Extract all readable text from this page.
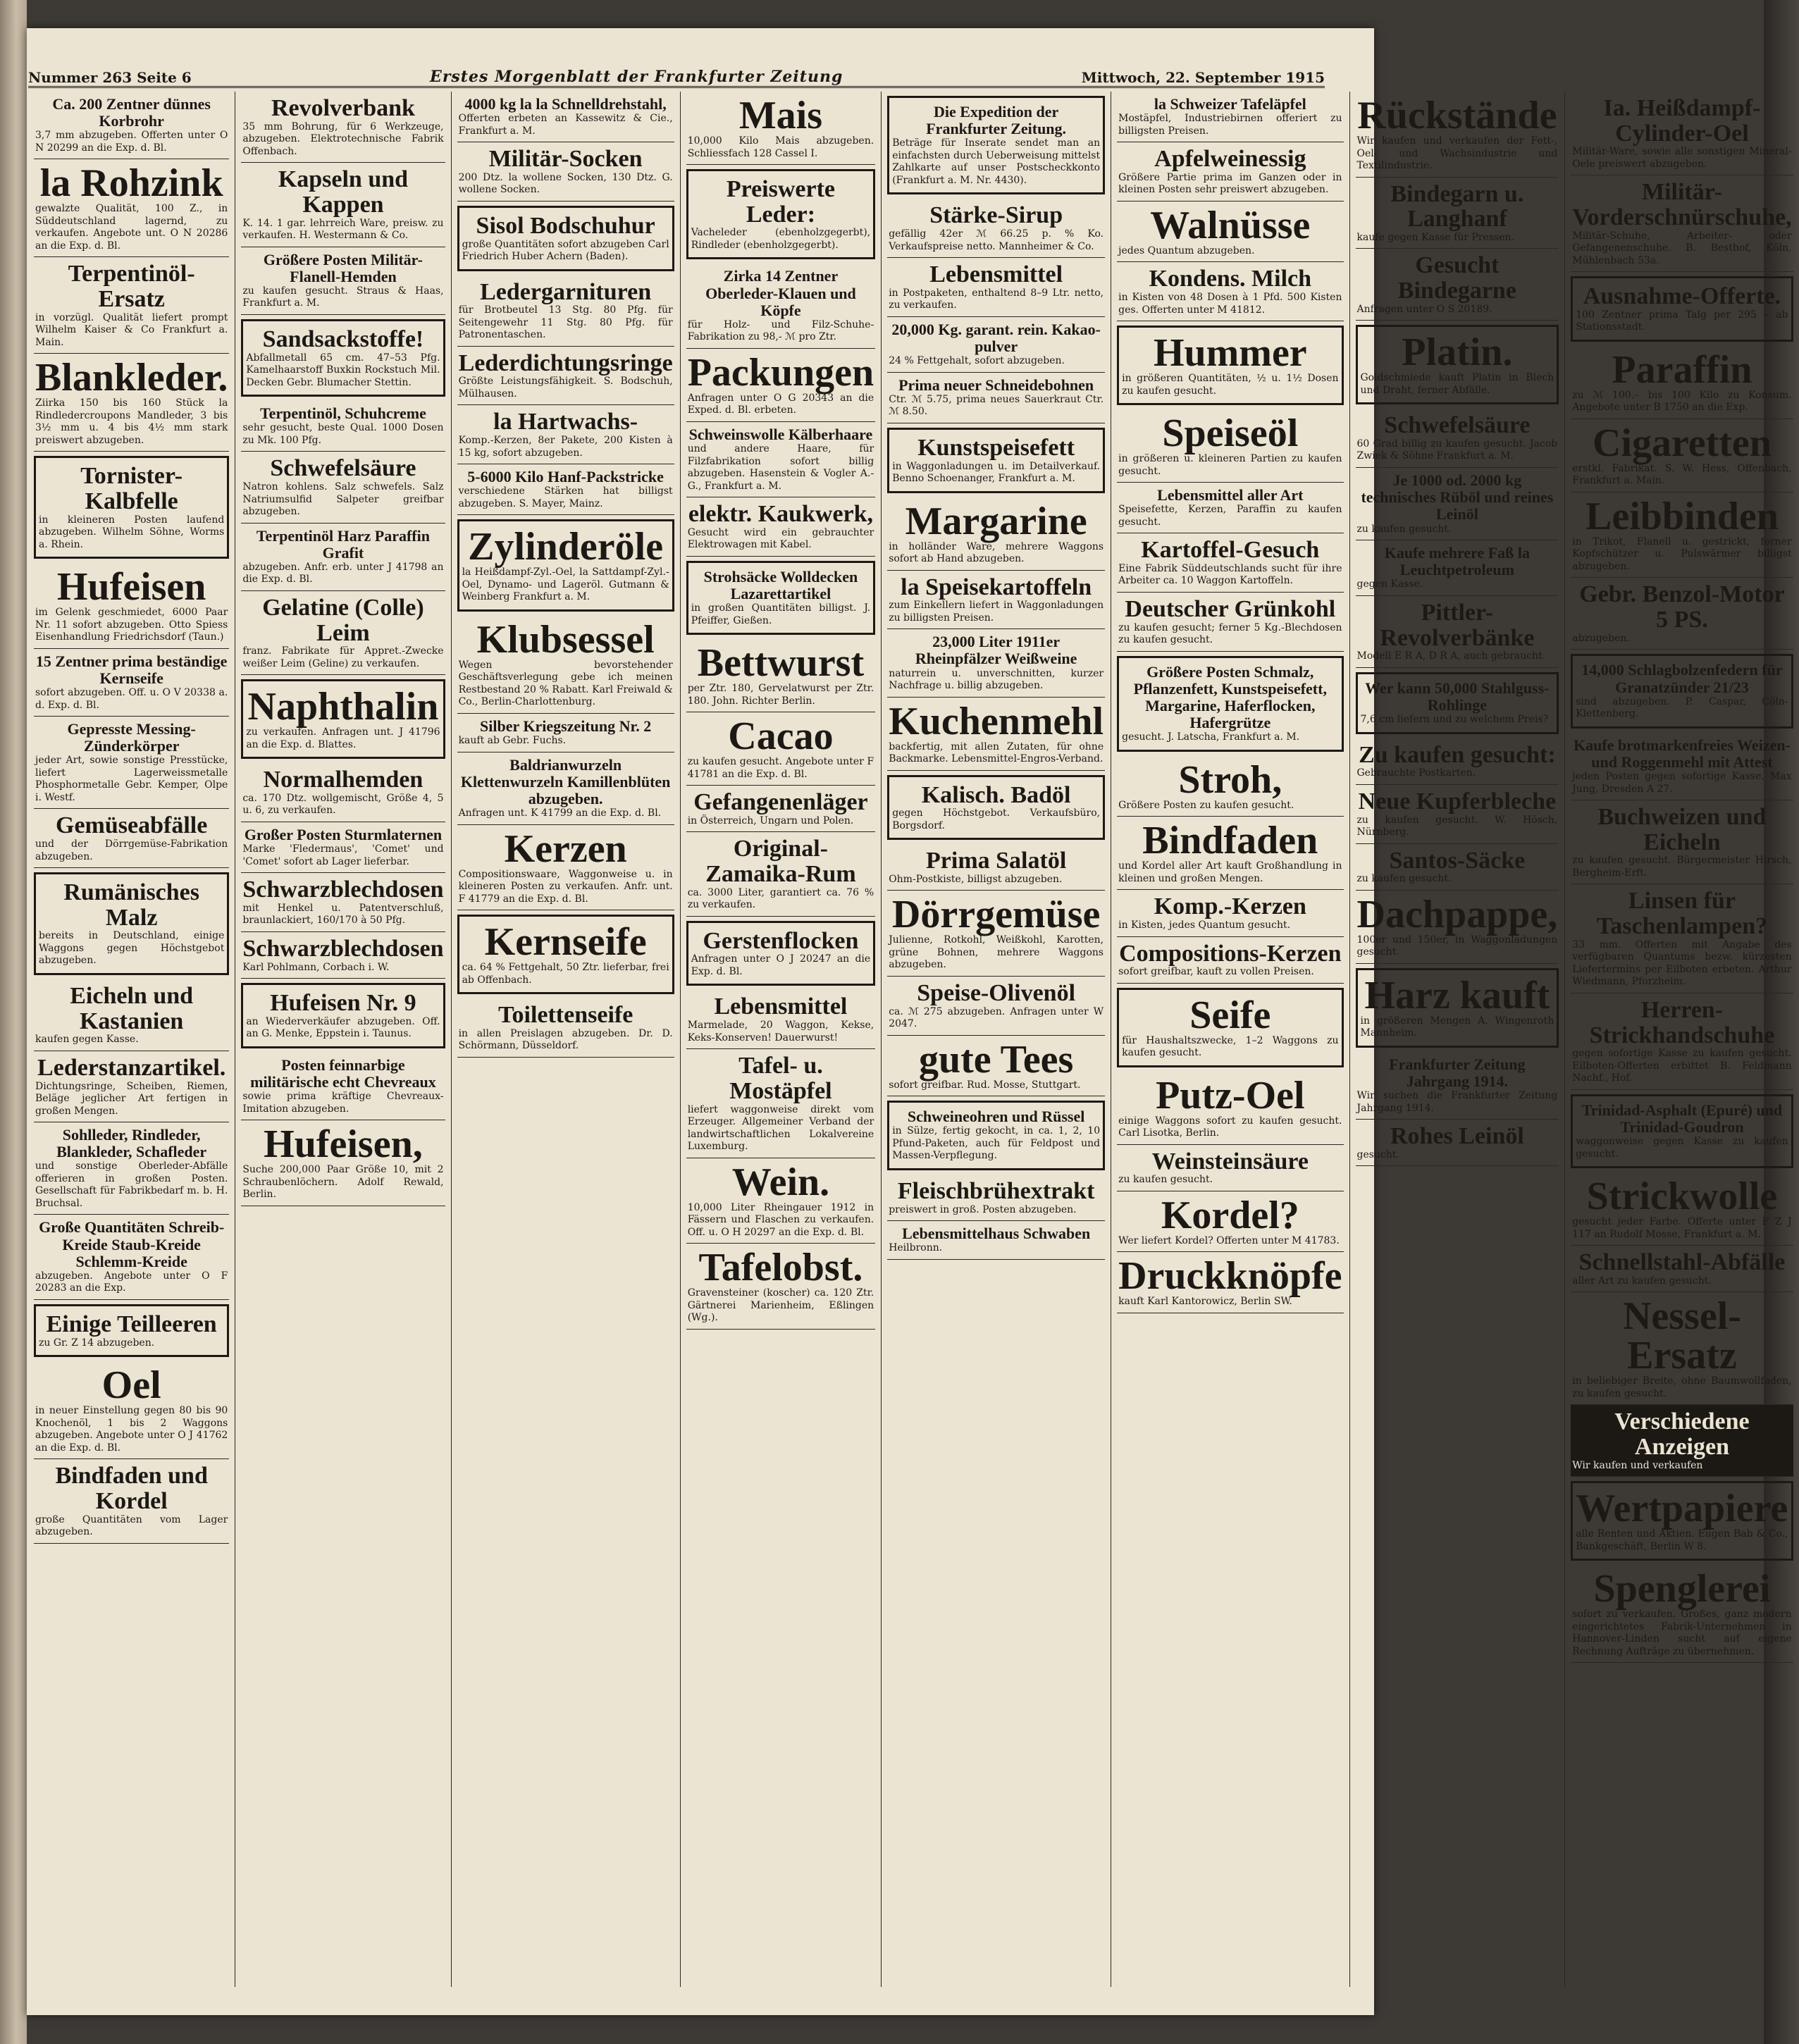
Nummer 263 Seite 6	Erstes Morgenblatt der Frankfurter Zeitung	Mittwoch, 22. September 1915
Ca. 200 Zentner dünnes Korbrohr
3,7 mm abzugeben. Offerten unter O N 20299 an die Exp. d. Bl.
la Rohzink
gewalzte Qualität, 100 Z., in Süddeutschland lagernd, zu verkaufen. Angebote unt. O N 20286 an die Exp. d. Bl.
Terpentinöl-Ersatz
in vorzügl. Qualität liefert prompt Wilhelm Kaiser & Co Frankfurt a. Main.
Blankleder.
Ziirka 150 bis 160 Stück la Rindledercroupons Mandleder, 3 bis 3½ mm u. 4 bis 4½ mm stark preiswert abzugeben.
Tornister-Kalbfelle
in kleineren Posten laufend abzugeben. Wilhelm Söhne, Worms a. Rhein.
Hufeisen
im Gelenk geschmiedet, 6000 Paar Nr. 11 sofort abzugeben. Otto Spiess Eisenhandlung Friedrichsdorf (Taun.)
15 Zentner prima beständige Kernseife
sofort abzugeben. Off. u. O V 20338 a. d. Exp. d. Bl.
Gepresste Messing-Zünderkörper
jeder Art, sowie sonstige Presstücke, liefert Lagerweissmetalle Phosphormetalle Gebr. Kemper, Olpe i. Westf.
Gemüseabfälle
und der Dörrgemüse-Fabrikation abzugeben.
Rumänisches Malz
bereits in Deutschland, einige Waggons gegen Höchstgebot abzugeben.
Eicheln und Kastanien
kaufen gegen Kasse.
Lederstanzartikel.
Dichtungsringe, Scheiben, Riemen, Beläge jeglicher Art fertigen in großen Mengen.
Sohlleder, Rindleder, Blankleder, Schafleder
und sonstige Oberleder-Abfälle offerieren in großen Posten. Gesellschaft für Fabrikbedarf m. b. H. Bruchsal.
Große Quantitäten Schreib-Kreide Staub-Kreide Schlemm-Kreide
abzugeben. Angebote unter O F 20283 an die Exp.
Einige Teilleeren
zu Gr. Z 14 abzugeben.
Oel
in neuer Einstellung gegen 80 bis 90 Knochenöl, 1 bis 2 Waggons abzugeben. Angebote unter O J 41762 an die Exp. d. Bl.
Bindfaden und Kordel
große Quantitäten vom Lager abzugeben.
Revolverbank
35 mm Bohrung, für 6 Werkzeuge, abzugeben. Elektrotechnische Fabrik Offenbach.
Kapseln und Kappen
K. 14. 1 gar. lehrreich Ware, preisw. zu verkaufen. H. Westermann & Co.
Größere Posten Militär-Flanell-Hemden
zu kaufen gesucht. Straus & Haas, Frankfurt a. M.
Sandsackstoffe!
Abfallmetall 65 cm. 47–53 Pfg. Kamelhaarstoff Buxkin Rockstuch Mil. Decken Gebr. Blumacher Stettin.
Terpentinöl, Schuhcreme
sehr gesucht, beste Qual. 1000 Dosen zu Mk. 100 Pfg.
Schwefelsäure
Natron kohlens. Salz schwefels. Salz Natriumsulfid Salpeter greifbar abzugeben.
Terpentinöl Harz Paraffin Grafit
abzugeben. Anfr. erb. unter J 41798 an die Exp. d. Bl.
Gelatine (Colle) Leim
franz. Fabrikate für Appret.-Zwecke weißer Leim (Geline) zu verkaufen.
Naphthalin
zu verkaufen. Anfragen unt. J 41796 an die Exp. d. Blattes.
Normalhemden
ca. 170 Dtz. wollgemischt, Größe 4, 5 u. 6, zu verkaufen.
Großer Posten Sturmlaternen
Marke 'Fledermaus', 'Comet' und 'Comet' sofort ab Lager lieferbar.
Schwarzblechdosen
mit Henkel u. Patentverschluß, braunlackiert, 160/170 à 50 Pfg.
Schwarzblechdosen
Karl Pohlmann, Corbach i. W.
Hufeisen Nr. 9
an Wiederverkäufer abzugeben. Off. an G. Menke, Eppstein i. Taunus.
Posten feinnarbige militärische echt Chevreaux
sowie prima kräftige Chevreaux-Imitation abzugeben.
Hufeisen,
Suche 200,000 Paar Größe 10, mit 2 Schraubenlöchern. Adolf Rewald, Berlin.
4000 kg la la Schnelldrehstahl,
Offerten erbeten an Kassewitz & Cie., Frankfurt a. M.
Militär-Socken
200 Dtz. la wollene Socken, 130 Dtz. G. wollene Socken.
Sisol Bodschuhur
große Quantitäten sofort abzugeben Carl Friedrich Huber Achern (Baden).
Ledergarnituren
für Brotbeutel 13 Stg. 80 Pfg. für Seitengewehr 11 Stg. 80 Pfg. für Patronentaschen.
Lederdichtungsringe
Größte Leistungsfähigkeit. S. Bodschuh, Mülhausen.
la Hartwachs-
Komp.-Kerzen, 8er Pakete, 200 Kisten à 15 kg, sofort abzugeben.
5-6000 Kilo Hanf-Packstricke
verschiedene Stärken hat billigst abzugeben. S. Mayer, Mainz.
Zylinderöle
la Heißdampf-Zyl.-Oel, la Sattdampf-Zyl.-Oel, Dynamo- und Lageröl. Gutmann & Weinberg Frankfurt a. M.
Klubsessel
Wegen bevorstehender Geschäftsverlegung gebe ich meinen Restbestand 20 % Rabatt. Karl Freiwald & Co., Berlin-Charlottenburg.
Silber Kriegszeitung Nr. 2
kauft ab Gebr. Fuchs.
Baldrianwurzeln Klettenwurzeln Kamillenblüten abzugeben.
Anfragen unt. K 41799 an die Exp. d. Bl.
Kerzen
Compositionswaare, Waggonweise u. in kleineren Posten zu verkaufen. Anfr. unt. F 41779 an die Exp. d. Bl.
Kernseife
ca. 64 % Fettgehalt, 50 Ztr. lieferbar, frei ab Offenbach.
Toilettenseife
in allen Preislagen abzugeben. Dr. D. Schörmann, Düsseldorf.
Mais
10,000 Kilo Mais abzugeben. Schliessfach 128 Cassel I.
Preiswerte Leder:
Vacheleder (ebenholzgegerbt), Rindleder (ebenholzgegerbt).
Zirka 14 Zentner Oberleder-Klauen und Köpfe
für Holz- und Filz-Schuhe-Fabrikation zu 98,- ℳ pro Ztr.
Packungen
Anfragen unter O G 20343 an die Exped. d. Bl. erbeten.
Schweinswolle Kälberhaare
und andere Haare, für Filzfabrikation sofort billig abzugeben. Hasenstein & Vogler A.-G., Frankfurt a. M.
elektr. Kaukwerk,
Gesucht wird ein gebrauchter Elektrowagen mit Kabel.
Strohsäcke Wolldecken Lazarettartikel
in großen Quantitäten billigst. J. Pfeiffer, Gießen.
Bettwurst
per Ztr. 180, Gervelatwurst per Ztr. 180. John. Richter Berlin.
Cacao
zu kaufen gesucht. Angebote unter F 41781 an die Exp. d. Bl.
Gefangenenläger
in Österreich, Ungarn und Polen.
Original-Zamaika-Rum
ca. 3000 Liter, garantiert ca. 76 % zu verkaufen.
Gerstenflocken
Anfragen unter O J 20247 an die Exp. d. Bl.
Lebensmittel
Marmelade, 20 Waggon, Kekse, Keks-Konserven! Dauerwurst!
Tafel- u. Mostäpfel
liefert waggonweise direkt vom Erzeuger. Allgemeiner Verband der landwirtschaftlichen Lokalvereine Luxemburg.
Wein.
10,000 Liter Rheingauer 1912 in Fässern und Flaschen zu verkaufen. Off. u. O H 20297 an die Exp. d. Bl.
Tafelobst.
Gravensteiner (koscher) ca. 120 Ztr. Gärtnerei Marienheim, Eßlingen (Wg.).
Die Expedition der Frankfurter Zeitung.
Beträge für Inserate sendet man an einfachsten durch Ueberweisung mittelst Zahlkarte auf unser Postscheckkonto (Frankfurt a. M. Nr. 4430).
Stärke-Sirup
gefällig 42er ℳ 66.25 p. % Ko. Verkaufspreise netto. Mannheimer & Co.
Lebensmittel
in Postpaketen, enthaltend 8–9 Ltr. netto, zu verkaufen.
20,000 Kg. garant. rein. Kakao-pulver
24 % Fettgehalt, sofort abzugeben.
Prima neuer Schneidebohnen
Ctr. ℳ 5.75, prima neues Sauerkraut Ctr. ℳ 8.50.
Kunstspeisefett
in Waggonladungen u. im Detailverkauf. Benno Schoenanger, Frankfurt a. M.
Margarine
in holländer Ware, mehrere Waggons sofort ab Hand abzugeben.
la Speisekartoffeln
zum Einkellern liefert in Waggonladungen zu billigsten Preisen.
23,000 Liter 1911er Rheinpfälzer Weißweine
naturrein u. unverschnitten, kurzer Nachfrage u. billig abzugeben.
Kuchenmehl
backfertig, mit allen Zutaten, für ohne Backmarke. Lebensmittel-Engros-Verband.
Kalisch. Badöl
gegen Höchstgebot. Verkaufsbüro, Borgsdorf.
Prima Salatöl
Ohm-Postkiste, billigst abzugeben.
Dörrgemüse
Julienne, Rotkohl, Weißkohl, Karotten, grüne Bohnen, mehrere Waggons abzugeben.
Speise-Olivenöl
ca. ℳ 275 abzugeben. Anfragen unter W 2047.
gute Tees
sofort greifbar. Rud. Mosse, Stuttgart.
Schweineohren und Rüssel
in Sülze, fertig gekocht, in ca. 1, 2, 10 Pfund-Paketen, auch für Feldpost und Massen-Verpflegung.
Fleischbrühextrakt
preiswert in groß. Posten abzugeben.
Lebensmittelhaus Schwaben
Heilbronn.
la Schweizer Tafeläpfel
Mostäpfel, Industriebirnen offeriert zu billigsten Preisen.
Apfelweinessig
Größere Partie prima im Ganzen oder in kleinen Posten sehr preiswert abzugeben.
Walnüsse
jedes Quantum abzugeben.
Kondens. Milch
in Kisten von 48 Dosen à 1 Pfd. 500 Kisten ges. Offerten unter M 41812.
Hummer
in größeren Quantitäten, ½ u. 1½ Dosen zu kaufen gesucht.
Speiseöl
in größeren u. kleineren Partien zu kaufen gesucht.
Lebensmittel aller Art
Speisefette, Kerzen, Paraffin zu kaufen gesucht.
Kartoffel-Gesuch
Eine Fabrik Süddeutschlands sucht für ihre Arbeiter ca. 10 Waggon Kartoffeln.
Deutscher Grünkohl
zu kaufen gesucht; ferner 5 Kg.-Blechdosen zu kaufen gesucht.
Größere Posten Schmalz, Pflanzenfett, Kunstspeisefett, Margarine, Haferflocken, Hafergrütze
gesucht. J. Latscha, Frankfurt a. M.
Stroh,
Größere Posten zu kaufen gesucht.
Bindfaden
und Kordel aller Art kauft Großhandlung in kleinen und großen Mengen.
Komp.-Kerzen
in Kisten, jedes Quantum gesucht.
Compositions-Kerzen
sofort greifbar, kauft zu vollen Preisen.
Seife
für Haushaltszwecke, 1–2 Waggons zu kaufen gesucht.
Putz-Oel
einige Waggons sofort zu kaufen gesucht. Carl Lisotka, Berlin.
Weinsteinsäure
zu kaufen gesucht.
Kordel?
Wer liefert Kordel? Offerten unter M 41783.
Druckknöpfe
kauft Karl Kantorowicz, Berlin SW.
Rückstände
Wir kaufen und verkaufen der Fett-, Oel- und Wachsindustrie und Textilindustrie.
Bindegarn u. Langhanf
kaufe gegen Kasse für Pressen.
Gesucht Bindegarne
Anfragen unter O S 20189.
Platin.
Goldschmiede kauft Platin in Blech und Draht, ferner Abfälle.
Schwefelsäure
60 Grad billig zu kaufen gesucht. Jacob Zwiek & Söhne Frankfurt a. M.
Je 1000 od. 2000 kg technisches Rüböl und reines Leinöl
zu kaufen gesucht.
Kaufe mehrere Faß la Leuchtpetroleum
gegen Kasse.
Pittler-Revolverbänke
Modell E R A, D R A, auch gebraucht.
Wer kann 50,000 Stahlguss-Rohlinge
7,6 cm liefern und zu welchem Preis?
Zu kaufen gesucht:
Gebrauchte Postkarten.
Neue Kupferbleche
zu kaufen gesucht. W. Hösch, Nürnberg.
Santos-Säcke
zu kaufen gesucht.
Dachpappe,
100er und 150er, in Waggonladungen gesucht.
Harz kauft
in größeren Mengen A. Wingenroth Mannheim.
Frankfurter Zeitung Jahrgang 1914.
Wir suchen die Frankfurter Zeitung Jahrgang 1914.
Rohes Leinöl
gesucht.
Ia. Heißdampf-Cylinder-Oel
Militär-Ware, sowie alle sonstigen Mineral-Oele preiswert abzugeben.
Militär-Vorderschnürschuhe,
Militär-Schuhe, Arbeiter- oder Gefangenenschuhe. B. Besthof, Köln, Mühlenbach 53a.
Ausnahme-Offerte.
100 Zentner prima Talg per 295 – ab Stationsstadt.
Paraffin
zu ℳ 100.– bis 100 Kilo zu Konsum. Angebote unter B 1750 an die Exp.
Cigaretten
erstkl. Fabrikat. S. W. Hess, Offenbach, Frankfurt a. Main.
Leibbinden
in Trikot, Flanell u. gestrickt, ferner Kopfschützer u. Pulswärmer billigst abzugeben.
Gebr. Benzol-Motor 5 PS.
abzugeben.
14,000 Schlagbolzenfedern für Granatzünder 21/23
sind abzugeben. P. Caspar, Cöln-Klettenberg.
Kaufe brotmarkenfreies Weizen- und Roggenmehl mit Attest
jeden Posten gegen sofortige Kasse. Max Jung, Dresden A 27.
Buchweizen und Eicheln
zu kaufen gesucht. Bürgermeister Hirsch, Bergheim-Erft.
Linsen für Taschenlampen?
33 mm. Offerten mit Angabe des verfügbaren Quantums bezw. kürzesten Liefertermins per Eilboten erbeten. Arthur Wiedmann, Pforzheim.
Herren-Strickhandschuhe
gegen sofortige Kasse zu kaufen gesucht. Eilboten-Offerten erbittet B. Feldmann Nachf., Hof.
Trinidad-Asphalt (Epuré) und Trinidad-Goudron
waggonweise gegen Kasse zu kaufen gesucht.
Strickwolle
gesucht jeder Farbe. Offerte unter F Z J 117 an Rudolf Mosse, Frankfurt a. M.
Schnellstahl-Abfälle
aller Art zu kaufen gesucht.
Nessel-Ersatz
in beliebiger Breite, ohne Baumwollfaden, zu kaufen gesucht.
Verschiedene Anzeigen
Wir kaufen und verkaufen
Wertpapiere
alle Renten und Aktien. Eugen Bab & Co., Bankgeschäft, Berlin W 8.
Spenglerei
sofort zu verkaufen. Großes, ganz modern eingerichtetes Fabrik-Unternehmen in Hannover-Linden sucht auf eigene Rechnung Aufträge zu übernehmen.
